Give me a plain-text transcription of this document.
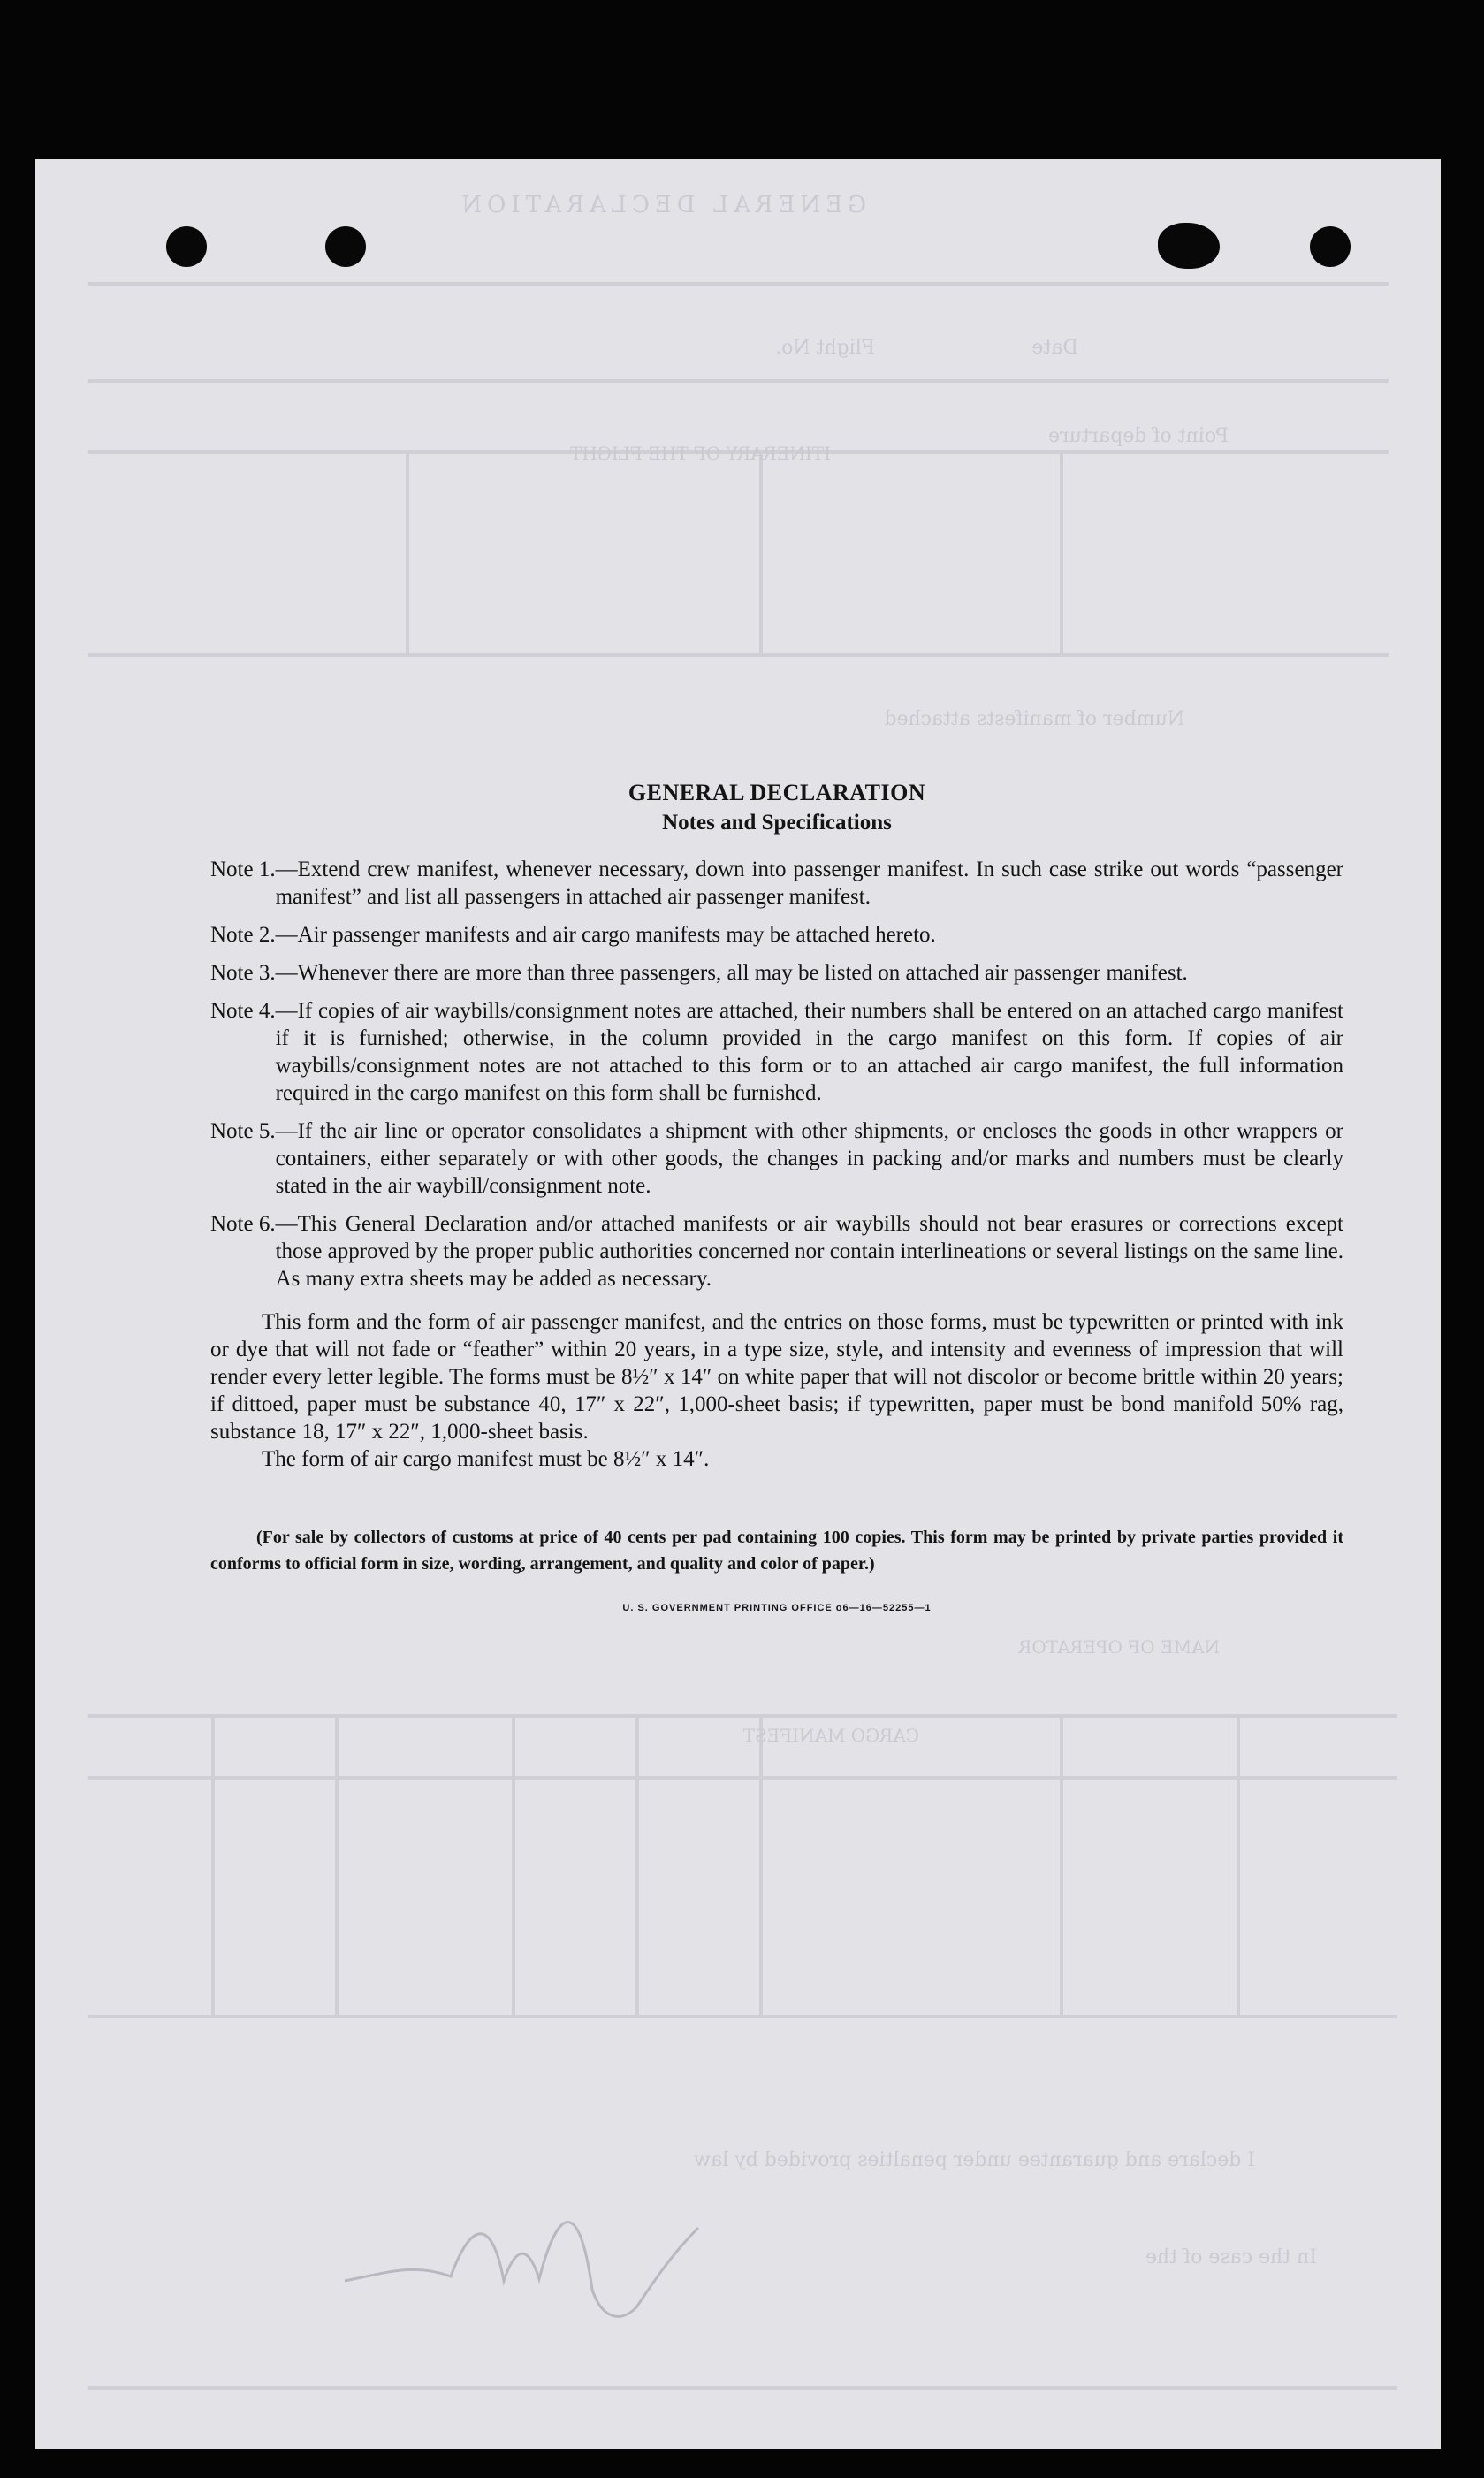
GENERAL DECLARATION
Flight No.	Date
Point of departure
ITINERARY OF THE FLIGHT
Number of manifests attached
NAME OF OPERATOR
CARGO MANIFEST
I declare and guarantee under penalties provided by law
In the case of the
GENERAL DECLARATION
Notes and Specifications
Note 1. —Extend crew manifest, whenever necessary, down into passenger manifest. In such case strike out words “passenger manifest” and list all passengers in attached air passenger manifest.
Note 2. —Air passenger manifests and air cargo manifests may be attached hereto.
Note 3. —Whenever there are more than three passengers, all may be listed on attached air passenger manifest.
Note 4. —If copies of air waybills/consignment notes are attached, their numbers shall be entered on an attached cargo manifest if it is furnished; otherwise, in the column provided in the cargo manifest on this form. If copies of air waybills/consignment notes are not attached to this form or to an attached air cargo manifest, the full information required in the cargo manifest on this form shall be furnished.
Note 5. —If the air line or operator consolidates a shipment with other shipments, or encloses the goods in other wrappers or containers, either separately or with other goods, the changes in packing and/or marks and numbers must be clearly stated in the air waybill/consignment note.
Note 6. —This General Declaration and/or attached manifests or air waybills should not bear erasures or corrections except those approved by the proper public authorities concerned nor contain interlineations or several listings on the same line. As many extra sheets may be added as necessary.
This form and the form of air passenger manifest, and the entries on those forms, must be typewritten or printed with ink or dye that will not fade or “feather” within 20 years, in a type size, style, and intensity and evenness of impression that will render every letter legible. The forms must be 8½″ x 14″ on white paper that will not discolor or become brittle within 20 years; if dittoed, paper must be substance 40, 17″ x 22″, 1,000-sheet basis; if typewritten, paper must be bond manifold 50% rag, substance 18, 17″ x 22″, 1,000-sheet basis.
The form of air cargo manifest must be 8½″ x 14″.
(For sale by collectors of customs at price of 40 cents per pad containing 100 copies. This form may be printed by private parties provided it conforms to official form in size, wording, arrangement, and quality and color of paper.)
U. S. GOVERNMENT PRINTING OFFICE o6—16—52255—1
